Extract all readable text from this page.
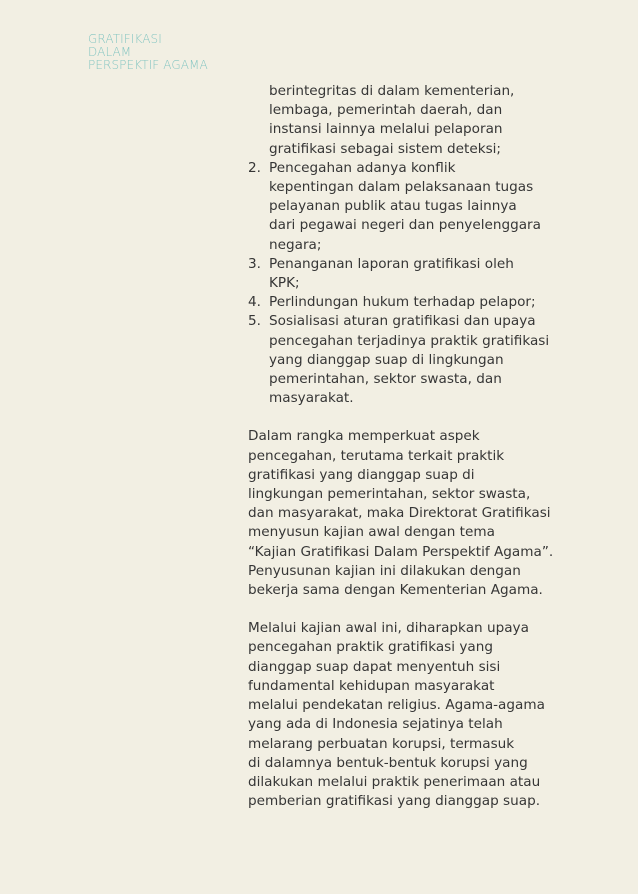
GRATIFIKASI
DALAM
PERSPEKTIF AGAMA
berintegritas di dalam kementerian,
lembaga, pemerintah daerah, dan
instansi lainnya melalui pelaporan
gratifikasi sebagai sistem deteksi;
2. Pencegahan adanya konflik
kepentingan dalam pelaksanaan tugas
pelayanan publik atau tugas lainnya
dari pegawai negeri dan penyelenggara
negara;
3. Penanganan laporan gratifikasi oleh
KPK;
4. Perlindungan hukum terhadap pelapor;
5. Sosialisasi aturan gratifikasi dan upaya
pencegahan terjadinya praktik gratifikasi
yang dianggap suap di lingkungan
pemerintahan, sektor swasta, dan
masyarakat.
Dalam rangka memperkuat aspek
pencegahan, terutama terkait praktik
gratifikasi yang dianggap suap di
lingkungan pemerintahan, sektor swasta,
dan masyarakat, maka Direktorat Gratifikasi
menyusun kajian awal dengan tema
“Kajian Gratifikasi Dalam Perspektif Agama”.
Penyusunan kajian ini dilakukan dengan
bekerja sama dengan Kementerian Agama.
Melalui kajian awal ini, diharapkan upaya
pencegahan praktik gratifikasi yang
dianggap suap dapat menyentuh sisi
fundamental kehidupan masyarakat
melalui pendekatan religius. Agama-agama
yang ada di Indonesia sejatinya telah
melarang perbuatan korupsi, termasuk
di dalamnya bentuk-bentuk korupsi yang
dilakukan melalui praktik penerimaan atau
pemberian gratifikasi yang dianggap suap.
